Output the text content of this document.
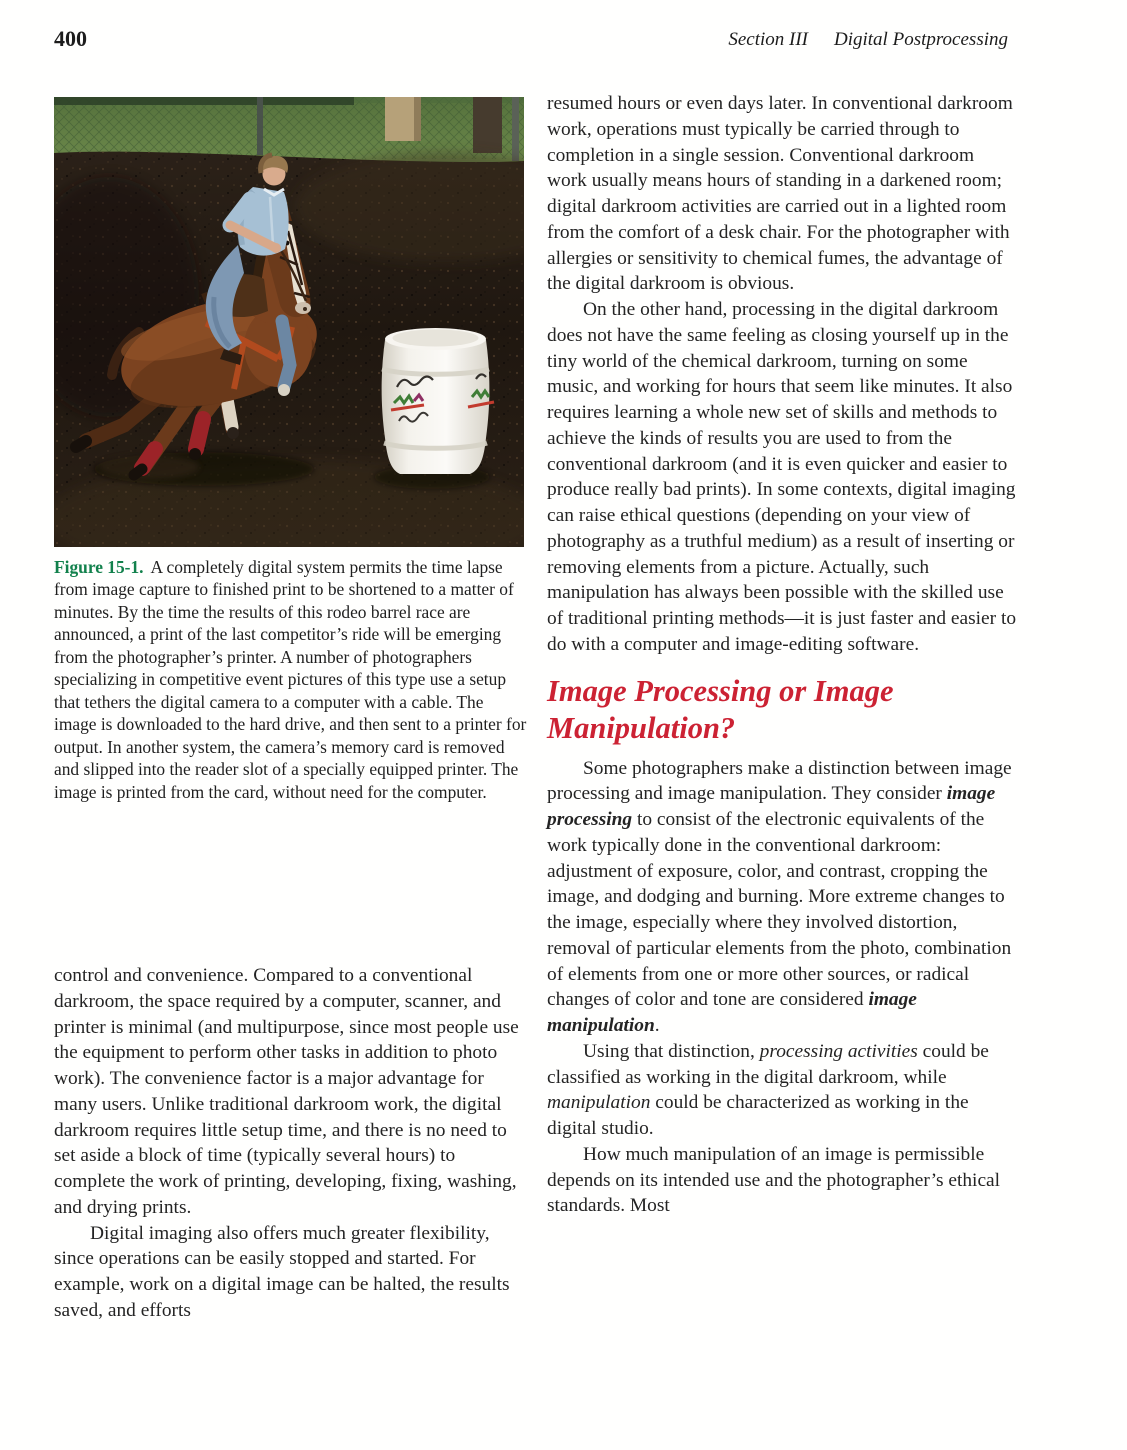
400	Section III Digital Postprocessing
Figure 15-1. A completely digital system permits the time lapse from image capture to finished print to be shortened to a matter of minutes. By the time the results of this rodeo barrel race are announced, a print of the last competitor’s ride will be emerging from the photographer’s printer. A number of photographers specializing in competitive event pictures of this type use a setup that tethers the digital camera to a computer with a cable. The image is downloaded to the hard drive, and then sent to a printer for output. In another system, the camera’s memory card is removed and slipped into the reader slot of a specially equipped printer. The image is printed from the card, without need for the computer.

control and convenience. Compared to a conventional darkroom, the space required by a computer, scanner, and printer is minimal (and multipurpose, since most people use the equipment to perform other tasks in addition to photo work). The convenience factor is a major advantage for many users. Unlike traditional darkroom work, the digital darkroom requires little setup time, and there is no need to set aside a block of time (typically several hours) to complete the work of printing, developing, fixing, washing, and drying prints.

Digital imaging also offers much greater flexibility, since operations can be easily stopped and started. For example, work on a digital image can be halted, the results saved, and efforts

resumed hours or even days later. In conventional darkroom work, operations must typically be carried through to completion in a single session. Conventional darkroom work usually means hours of standing in a darkened room; digital darkroom activities are carried out in a lighted room from the comfort of a desk chair. For the photographer with allergies or sensitivity to chemical fumes, the advantage of the digital darkroom is obvious.

On the other hand, processing in the digital darkroom does not have the same feeling as closing yourself up in the tiny world of the chemical darkroom, turning on some music, and working for hours that seem like minutes. It also requires learning a whole new set of skills and methods to achieve the kinds of results you are used to from the conventional darkroom (and it is even quicker and easier to produce really bad prints). In some contexts, digital imaging can raise ethical questions (depending on your view of photography as a truthful medium) as a result of inserting or removing elements from a picture. Actually, such manipulation has always been possible with the skilled use of traditional printing methods—it is just faster and easier to do with a computer and image-editing software.

Image Processing or Image Manipulation?

Some photographers make a distinction between image processing and image manipulation. They consider image processing to consist of the electronic equivalents of the work typically done in the conventional darkroom: adjustment of exposure, color, and contrast, cropping the image, and dodging and burning. More extreme changes to the image, especially where they involved distortion, removal of particular elements from the photo, combination of elements from one or more other sources, or radical changes of color and tone are considered image manipulation.

Using that distinction, processing activities could be classified as working in the digital darkroom, while manipulation could be characterized as working in the digital studio.

How much manipulation of an image is permissible depends on its intended use and the photographer’s ethical standards. Most
